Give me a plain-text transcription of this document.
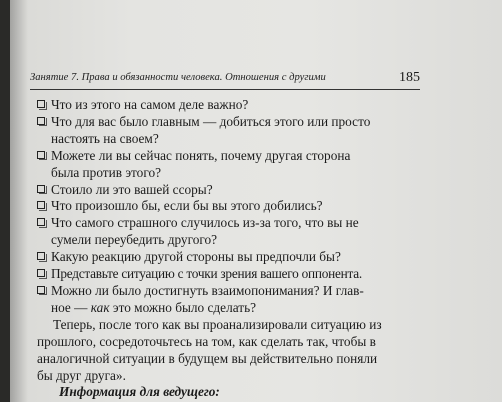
Занятие 7. Права и обязанности человека. Отношения с другими	185
Что из этого на самом деле важно?
Что для вас было главным — добиться этого или просто
настоять на своем?
Можете ли вы сейчас понять, почему другая сторона
была против этого?
Стоило ли это вашей ссоры?
Что произошло бы, если бы вы этого добились?
Что самого страшного случилось из-за того, что вы не
сумели переубедить другого?
Какую реакцию другой стороны вы предпочли бы?
Представьте ситуацию с точки зрения вашего оппонента.
Можно ли было достигнуть взаимопонимания? И глав-
ное — как это можно было сделать?

Теперь, после того как вы проанализировали ситуацию из
прошлого, сосредоточьтесь на том, как сделать так, чтобы в
аналогичной ситуации в будущем вы действительно поняли
бы друг друга».

Информация для ведущего:
